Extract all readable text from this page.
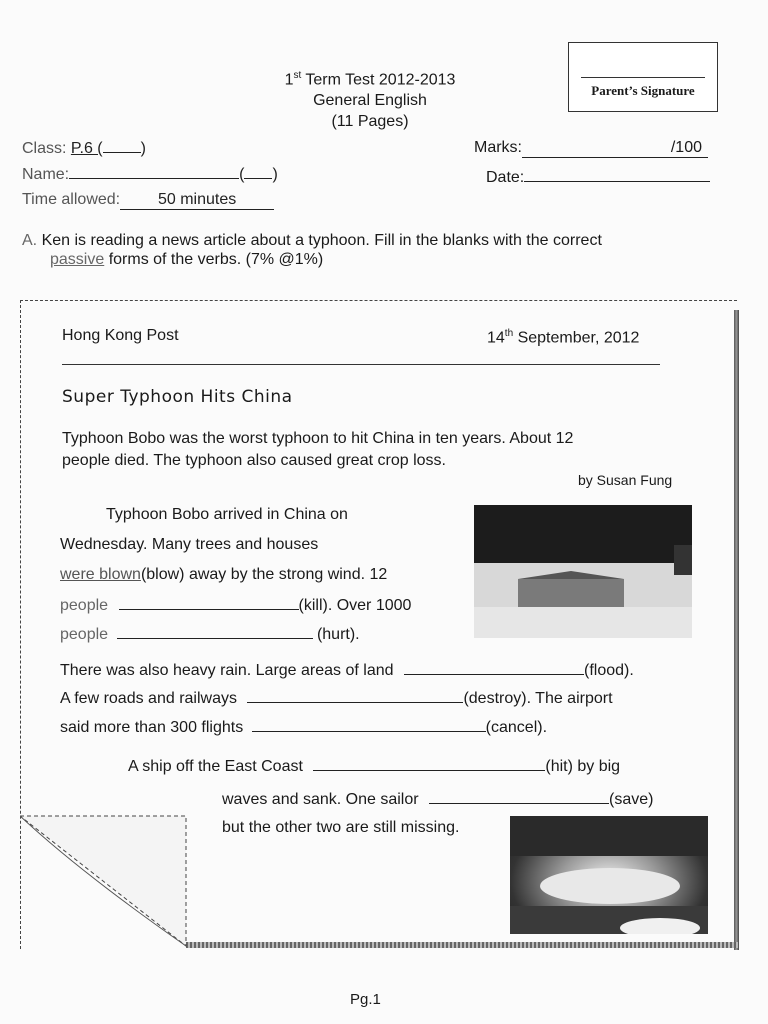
Parent’s Signature
1st Term Test 2012-2013
General English
(11 Pages)
Class: P.6 ( )
Name:	( )
Time allowed: 50 minutes
Marks:	/100
Date:
A. Ken is reading a news article about a typhoon. Fill in the blanks with the correct
passive forms of the verbs. (7% @1%)
Hong Kong Post	14th September, 2012
Super Typhoon Hits China
Typhoon Bobo was the worst typhoon to hit China in ten years. About 12
people died. The typhoon also caused great crop loss.
by Susan Fung
Typhoon Bobo arrived in China on
Wednesday. Many trees and houses
were blown(blow) away by the strong wind. 12
people	(kill). Over 1000
people	(hurt).
There was also heavy rain. Large areas of land	(flood).
A few roads and railways	(destroy). The airport
said more than 300 flights	(cancel).
A ship off the East Coast	(hit) by big
waves and sank. One sailor	(save)
but the other two are still missing.
Pg.1
